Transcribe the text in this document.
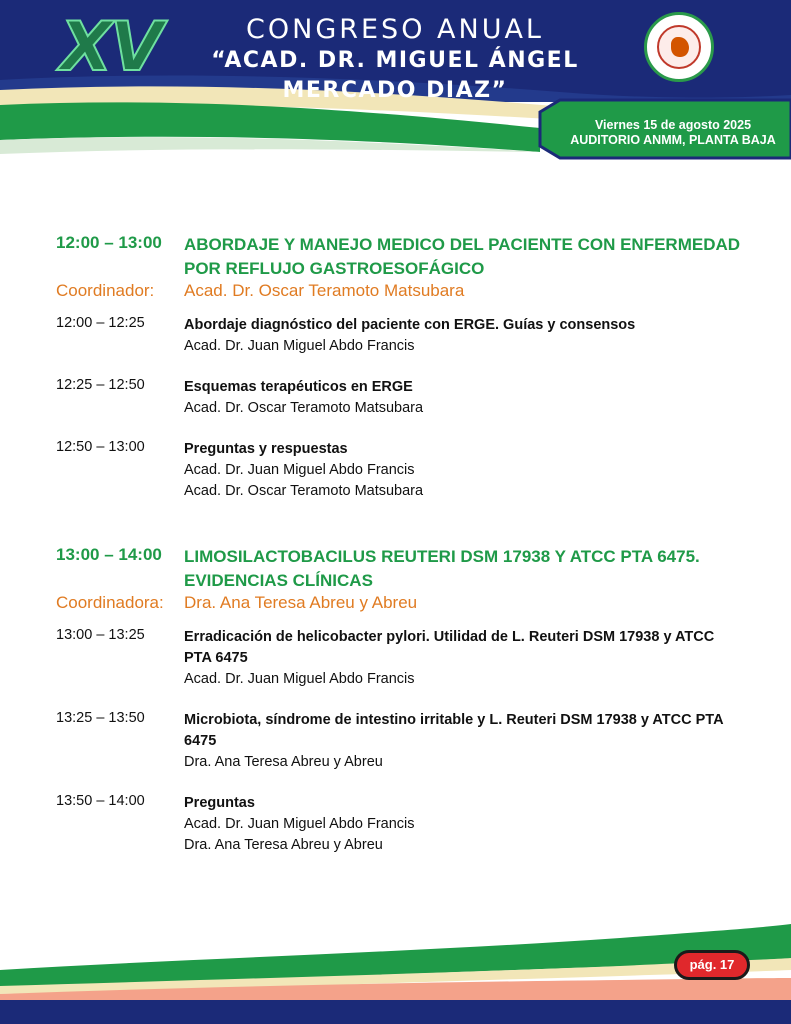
XV	CONGRESO ANUAL
“ACAD. DR. MIGUEL ÁNGEL MERCADO DIAZ”
Viernes 15 de agosto 2025
AUDITORIO ANMM, PLANTA BAJA
12:00 – 13:00 ABORDAJE Y MANEJO MEDICO DEL PACIENTE CON ENFERMEDAD POR REFLUJO GASTROESOFÁGICO
Coordinador: Acad. Dr. Oscar Teramoto Matsubara
12:00 – 12:25	Abordaje diagnóstico del paciente con ERGE. Guías y consensos
Acad. Dr. Juan Miguel Abdo Francis
12:25 – 12:50	Esquemas terapéuticos en ERGE
Acad. Dr. Oscar Teramoto Matsubara
12:50 – 13:00	Preguntas y respuestas
Acad. Dr. Juan Miguel Abdo Francis
Acad. Dr. Oscar Teramoto Matsubara
13:00 – 14:00 LIMOSILACTOBACILUS REUTERI DSM 17938 Y ATCC PTA 6475. EVIDENCIAS CLÍNICAS
Coordinadora: Dra. Ana Teresa Abreu y Abreu
13:00 – 13:25	Erradicación de helicobacter pylori. Utilidad de L. Reuteri DSM 17938 y ATCC PTA 6475
Acad. Dr. Juan Miguel Abdo Francis
13:25 – 13:50	Microbiota, síndrome de intestino irritable y L. Reuteri DSM 17938 y ATCC PTA 6475
Dra. Ana Teresa Abreu y Abreu
13:50 – 14:00	Preguntas
Acad. Dr. Juan Miguel Abdo Francis
Dra. Ana Teresa Abreu y Abreu
pág. 17
